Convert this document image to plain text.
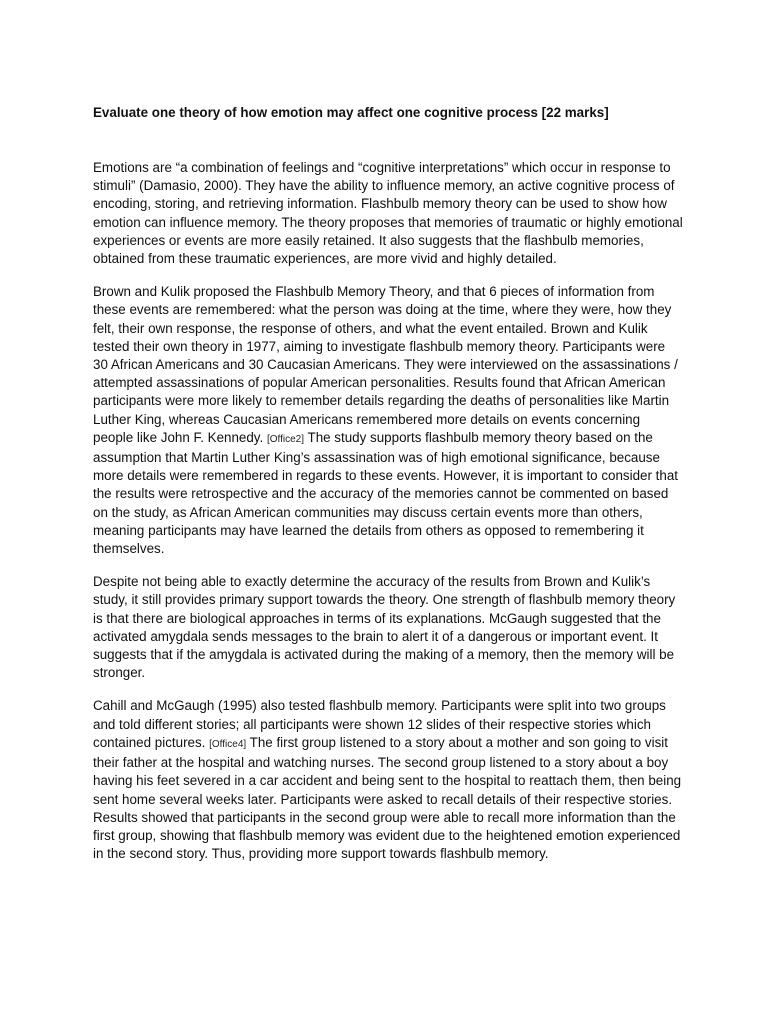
Evaluate one theory of how emotion may affect one cognitive process [22 marks]

Emotions are “a combination of feelings and “cognitive interpretations” which occur in response to stimuli” (Damasio, 2000). They have the ability to influence memory, an active cognitive process of encoding, storing, and retrieving information. Flashbulb memory theory can be used to show how emotion can influence memory. The theory proposes that memories of traumatic or highly emotional experiences or events are more easily retained. It also suggests that the flashbulb memories, obtained from these traumatic experiences, are more vivid and highly detailed.

Brown and Kulik proposed the Flashbulb Memory Theory, and that 6 pieces of information from these events are remembered: what the person was doing at the time, where they were, how they felt, their own response, the response of others, and what the event entailed. Brown and Kulik tested their own theory in 1977, aiming to investigate flashbulb memory theory. Participants were 30 African Americans and 30 Caucasian Americans. They were interviewed on the assassinations / attempted assassinations of popular American personalities. Results found that African American participants were more likely to remember details regarding the deaths of personalities like Martin Luther King, whereas Caucasian Americans remembered more details on events concerning people like John F. Kennedy. [Office2] The study supports flashbulb memory theory based on the assumption that Martin Luther King’s assassination was of high emotional significance, because more details were remembered in regards to these events. However, it is important to consider that the results were retrospective and the accuracy of the memories cannot be commented on based on the study, as African American communities may discuss certain events more than others, meaning participants may have learned the details from others as opposed to remembering it themselves.

Despite not being able to exactly determine the accuracy of the results from Brown and Kulik’s study, it still provides primary support towards the theory. One strength of flashbulb memory theory is that there are biological approaches in terms of its explanations. McGaugh suggested that the activated amygdala sends messages to the brain to alert it of a dangerous or important event. It suggests that if the amygdala is activated during the making of a memory, then the memory will be stronger.

Cahill and McGaugh (1995) also tested flashbulb memory. Participants were split into two groups and told different stories; all participants were shown 12 slides of their respective stories which contained pictures. [Office4] The first group listened to a story about a mother and son going to visit their father at the hospital and watching nurses. The second group listened to a story about a boy having his feet severed in a car accident and being sent to the hospital to reattach them, then being sent home several weeks later. Participants were asked to recall details of their respective stories. Results showed that participants in the second group were able to recall more information than the first group, showing that flashbulb memory was evident due to the heightened emotion experienced in the second story. Thus, providing more support towards flashbulb memory.
